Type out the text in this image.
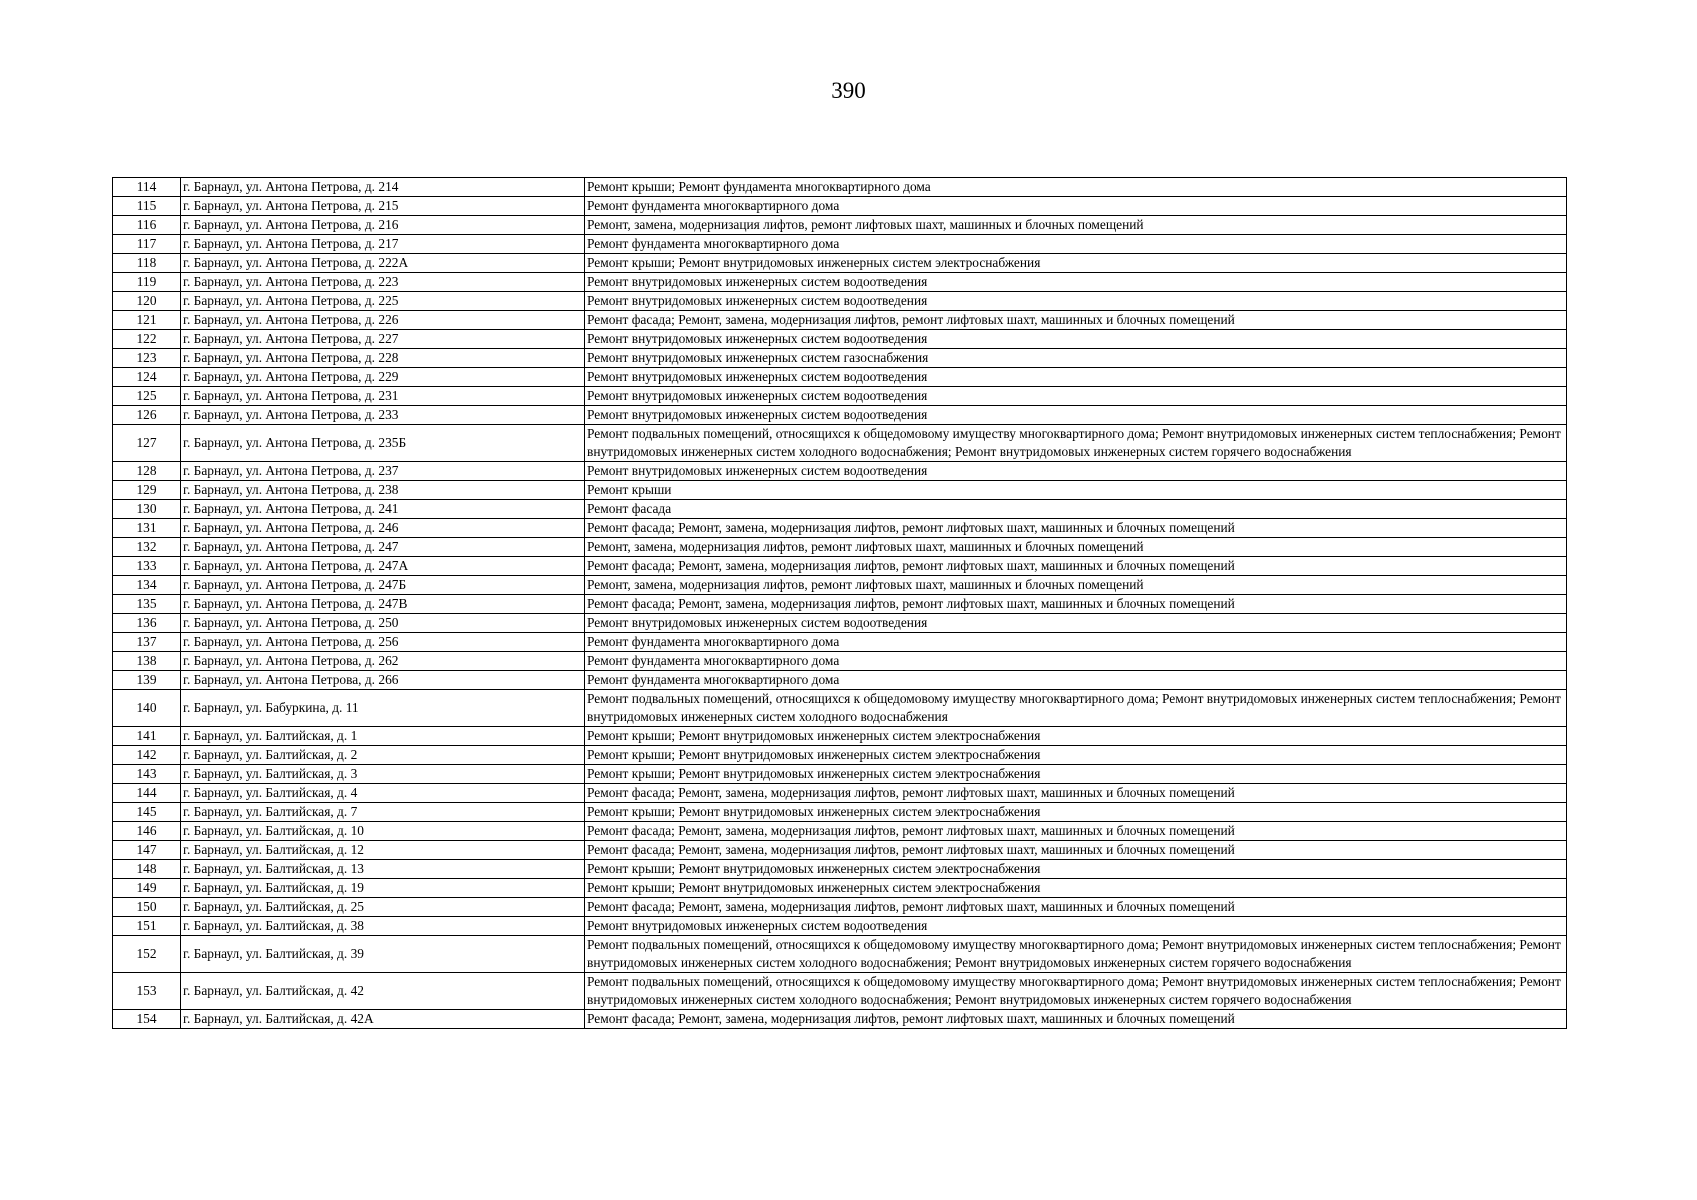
390
114	г. Барнаул, ул. Антона Петрова, д. 214	Ремонт крыши; Ремонт фундамента многоквартирного дома
115	г. Барнаул, ул. Антона Петрова, д. 215	Ремонт фундамента многоквартирного дома
116	г. Барнаул, ул. Антона Петрова, д. 216	Ремонт, замена, модернизация лифтов, ремонт лифтовых шахт, машинных и блочных помещений
117	г. Барнаул, ул. Антона Петрова, д. 217	Ремонт фундамента многоквартирного дома
118	г. Барнаул, ул. Антона Петрова, д. 222А	Ремонт крыши; Ремонт внутридомовых инженерных систем электроснабжения
119	г. Барнаул, ул. Антона Петрова, д. 223	Ремонт внутридомовых инженерных систем водоотведения
120	г. Барнаул, ул. Антона Петрова, д. 225	Ремонт внутридомовых инженерных систем водоотведения
121	г. Барнаул, ул. Антона Петрова, д. 226	Ремонт фасада; Ремонт, замена, модернизация лифтов, ремонт лифтовых шахт, машинных и блочных помещений
122	г. Барнаул, ул. Антона Петрова, д. 227	Ремонт внутридомовых инженерных систем водоотведения
123	г. Барнаул, ул. Антона Петрова, д. 228	Ремонт внутридомовых инженерных систем газоснабжения
124	г. Барнаул, ул. Антона Петрова, д. 229	Ремонт внутридомовых инженерных систем водоотведения
125	г. Барнаул, ул. Антона Петрова, д. 231	Ремонт внутридомовых инженерных систем водоотведения
126	г. Барнаул, ул. Антона Петрова, д. 233	Ремонт внутридомовых инженерных систем водоотведения
127	г. Барнаул, ул. Антона Петрова, д. 235Б	Ремонт подвальных помещений, относящихся к общедомовому имуществу многоквартирного дома; Ремонт внутридомовых инженерных систем теплоснабжения; Ремонт внутридомовых инженерных систем холодного водоснабжения; Ремонт внутридомовых инженерных систем горячего водоснабжения
128	г. Барнаул, ул. Антона Петрова, д. 237	Ремонт внутридомовых инженерных систем водоотведения
129	г. Барнаул, ул. Антона Петрова, д. 238	Ремонт крыши
130	г. Барнаул, ул. Антона Петрова, д. 241	Ремонт фасада
131	г. Барнаул, ул. Антона Петрова, д. 246	Ремонт фасада; Ремонт, замена, модернизация лифтов, ремонт лифтовых шахт, машинных и блочных помещений
132	г. Барнаул, ул. Антона Петрова, д. 247	Ремонт, замена, модернизация лифтов, ремонт лифтовых шахт, машинных и блочных помещений
133	г. Барнаул, ул. Антона Петрова, д. 247А	Ремонт фасада; Ремонт, замена, модернизация лифтов, ремонт лифтовых шахт, машинных и блочных помещений
134	г. Барнаул, ул. Антона Петрова, д. 247Б	Ремонт, замена, модернизация лифтов, ремонт лифтовых шахт, машинных и блочных помещений
135	г. Барнаул, ул. Антона Петрова, д. 247В	Ремонт фасада; Ремонт, замена, модернизация лифтов, ремонт лифтовых шахт, машинных и блочных помещений
136	г. Барнаул, ул. Антона Петрова, д. 250	Ремонт внутридомовых инженерных систем водоотведения
137	г. Барнаул, ул. Антона Петрова, д. 256	Ремонт фундамента многоквартирного дома
138	г. Барнаул, ул. Антона Петрова, д. 262	Ремонт фундамента многоквартирного дома
139	г. Барнаул, ул. Антона Петрова, д. 266	Ремонт фундамента многоквартирного дома
140	г. Барнаул, ул. Бабуркина, д. 11	Ремонт подвальных помещений, относящихся к общедомовому имуществу многоквартирного дома; Ремонт внутридомовых инженерных систем теплоснабжения; Ремонт внутридомовых инженерных систем холодного водоснабжения
141	г. Барнаул, ул. Балтийская, д. 1	Ремонт крыши; Ремонт внутридомовых инженерных систем электроснабжения
142	г. Барнаул, ул. Балтийская, д. 2	Ремонт крыши; Ремонт внутридомовых инженерных систем электроснабжения
143	г. Барнаул, ул. Балтийская, д. 3	Ремонт крыши; Ремонт внутридомовых инженерных систем электроснабжения
144	г. Барнаул, ул. Балтийская, д. 4	Ремонт фасада; Ремонт, замена, модернизация лифтов, ремонт лифтовых шахт, машинных и блочных помещений
145	г. Барнаул, ул. Балтийская, д. 7	Ремонт крыши; Ремонт внутридомовых инженерных систем электроснабжения
146	г. Барнаул, ул. Балтийская, д. 10	Ремонт фасада; Ремонт, замена, модернизация лифтов, ремонт лифтовых шахт, машинных и блочных помещений
147	г. Барнаул, ул. Балтийская, д. 12	Ремонт фасада; Ремонт, замена, модернизация лифтов, ремонт лифтовых шахт, машинных и блочных помещений
148	г. Барнаул, ул. Балтийская, д. 13	Ремонт крыши; Ремонт внутридомовых инженерных систем электроснабжения
149	г. Барнаул, ул. Балтийская, д. 19	Ремонт крыши; Ремонт внутридомовых инженерных систем электроснабжения
150	г. Барнаул, ул. Балтийская, д. 25	Ремонт фасада; Ремонт, замена, модернизация лифтов, ремонт лифтовых шахт, машинных и блочных помещений
151	г. Барнаул, ул. Балтийская, д. 38	Ремонт внутридомовых инженерных систем водоотведения
152	г. Барнаул, ул. Балтийская, д. 39	Ремонт подвальных помещений, относящихся к общедомовому имуществу многоквартирного дома; Ремонт внутридомовых инженерных систем теплоснабжения; Ремонт внутридомовых инженерных систем холодного водоснабжения; Ремонт внутридомовых инженерных систем горячего водоснабжения
153	г. Барнаул, ул. Балтийская, д. 42	Ремонт подвальных помещений, относящихся к общедомовому имуществу многоквартирного дома; Ремонт внутридомовых инженерных систем теплоснабжения; Ремонт внутридомовых инженерных систем холодного водоснабжения; Ремонт внутридомовых инженерных систем горячего водоснабжения
154	г. Барнаул, ул. Балтийская, д. 42А	Ремонт фасада; Ремонт, замена, модернизация лифтов, ремонт лифтовых шахт, машинных и блочных помещений
